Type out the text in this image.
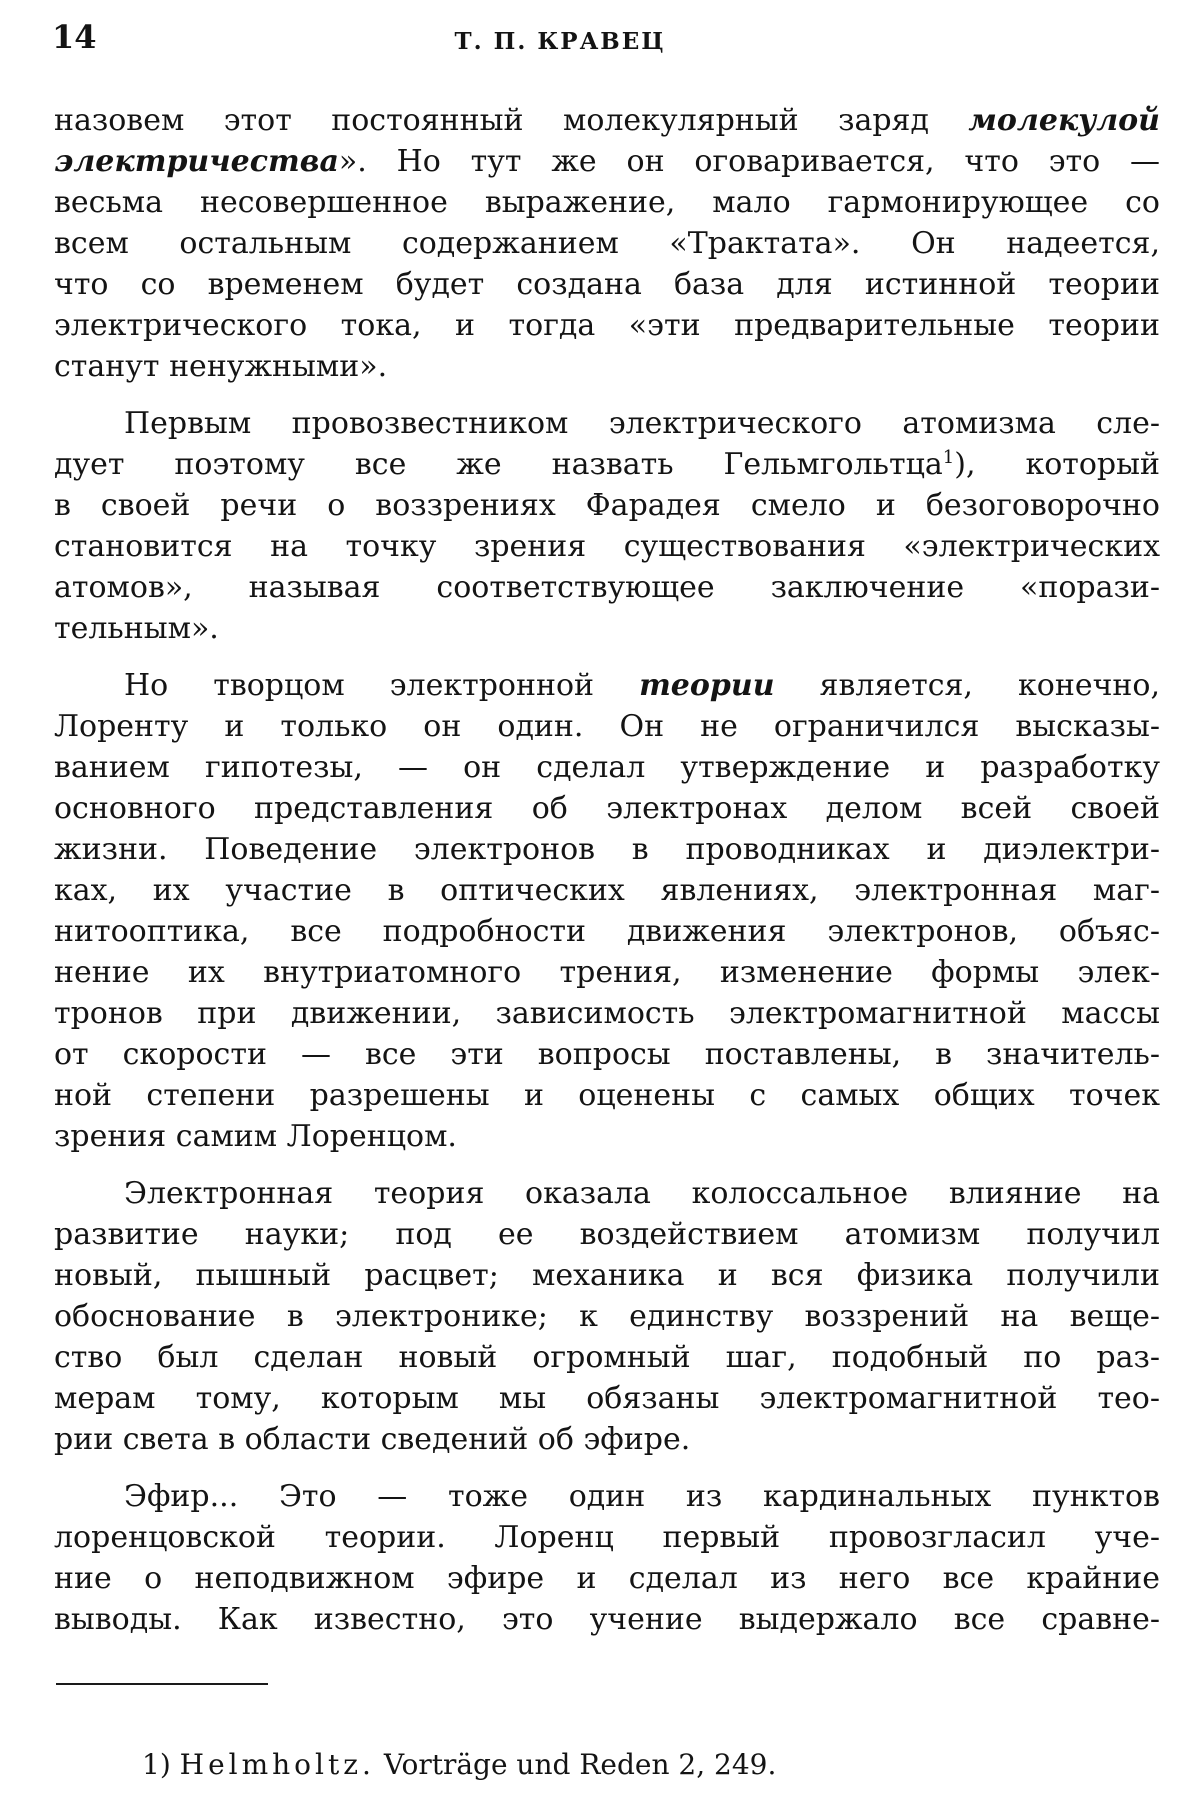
14	Т. П. КРАВЕЦ
назовем этот постоянный молекулярный заряд молекулой
электричества». Но тут же он оговаривается, что это —
весьма несовершенное выражение, мало гармонирующее со
всем остальным содержанием «Трактата». Он надеется,
что со временем будет создана база для истинной теории
электрического тока, и тогда «эти предварительные теории
станут ненужными».
Первым провозвестником электрического атомизма сле-
дует поэтому все же назвать Гельмгольтца$^1$), который
в своей речи о воззрениях Фарадея смело и безоговорочно
становится на точку зрения существования «электрических
атомов», называя соответствующее заключение «порази-
тельным».
Но творцом электронной теории является, конечно,
Лоренту и только он один. Он не ограничился высказы-
ванием гипотезы, — он сделал утверждение и разработку
основного представления об электронах делом всей своей
жизни. Поведение электронов в проводниках и диэлектри-
ках, их участие в оптических явлениях, электронная маг-
нитооптика, все подробности движения электронов, объяс-
нение их внутриатомного трения, изменение формы элек-
тронов при движении, зависимость электромагнитной массы
от скорости — все эти вопросы поставлены, в значитель-
ной степени разрешены и оценены с самых общих точек
зрения самим Лоренцом.
Электронная теория оказала колоссальное влияние на
развитие науки; под ее воздействием атомизм получил
новый, пышный расцвет; механика и вся физика получили
обоснование в электронике; к единству воззрений на веще-
ство был сделан новый огромный шаг, подобный по раз-
мерам тому, которым мы обязаны электромагнитной тео-
рии света в области сведений об эфире.
Эфир... Это — тоже один из кардинальных пунктов
лоренцовской теории. Лоренц первый провозгласил уче-
ние о неподвижном эфире и сделал из него все крайние
выводы. Как известно, это учение выдержало все сравне-
1) Helmholtz. Vorträge und Reden 2, 249.
